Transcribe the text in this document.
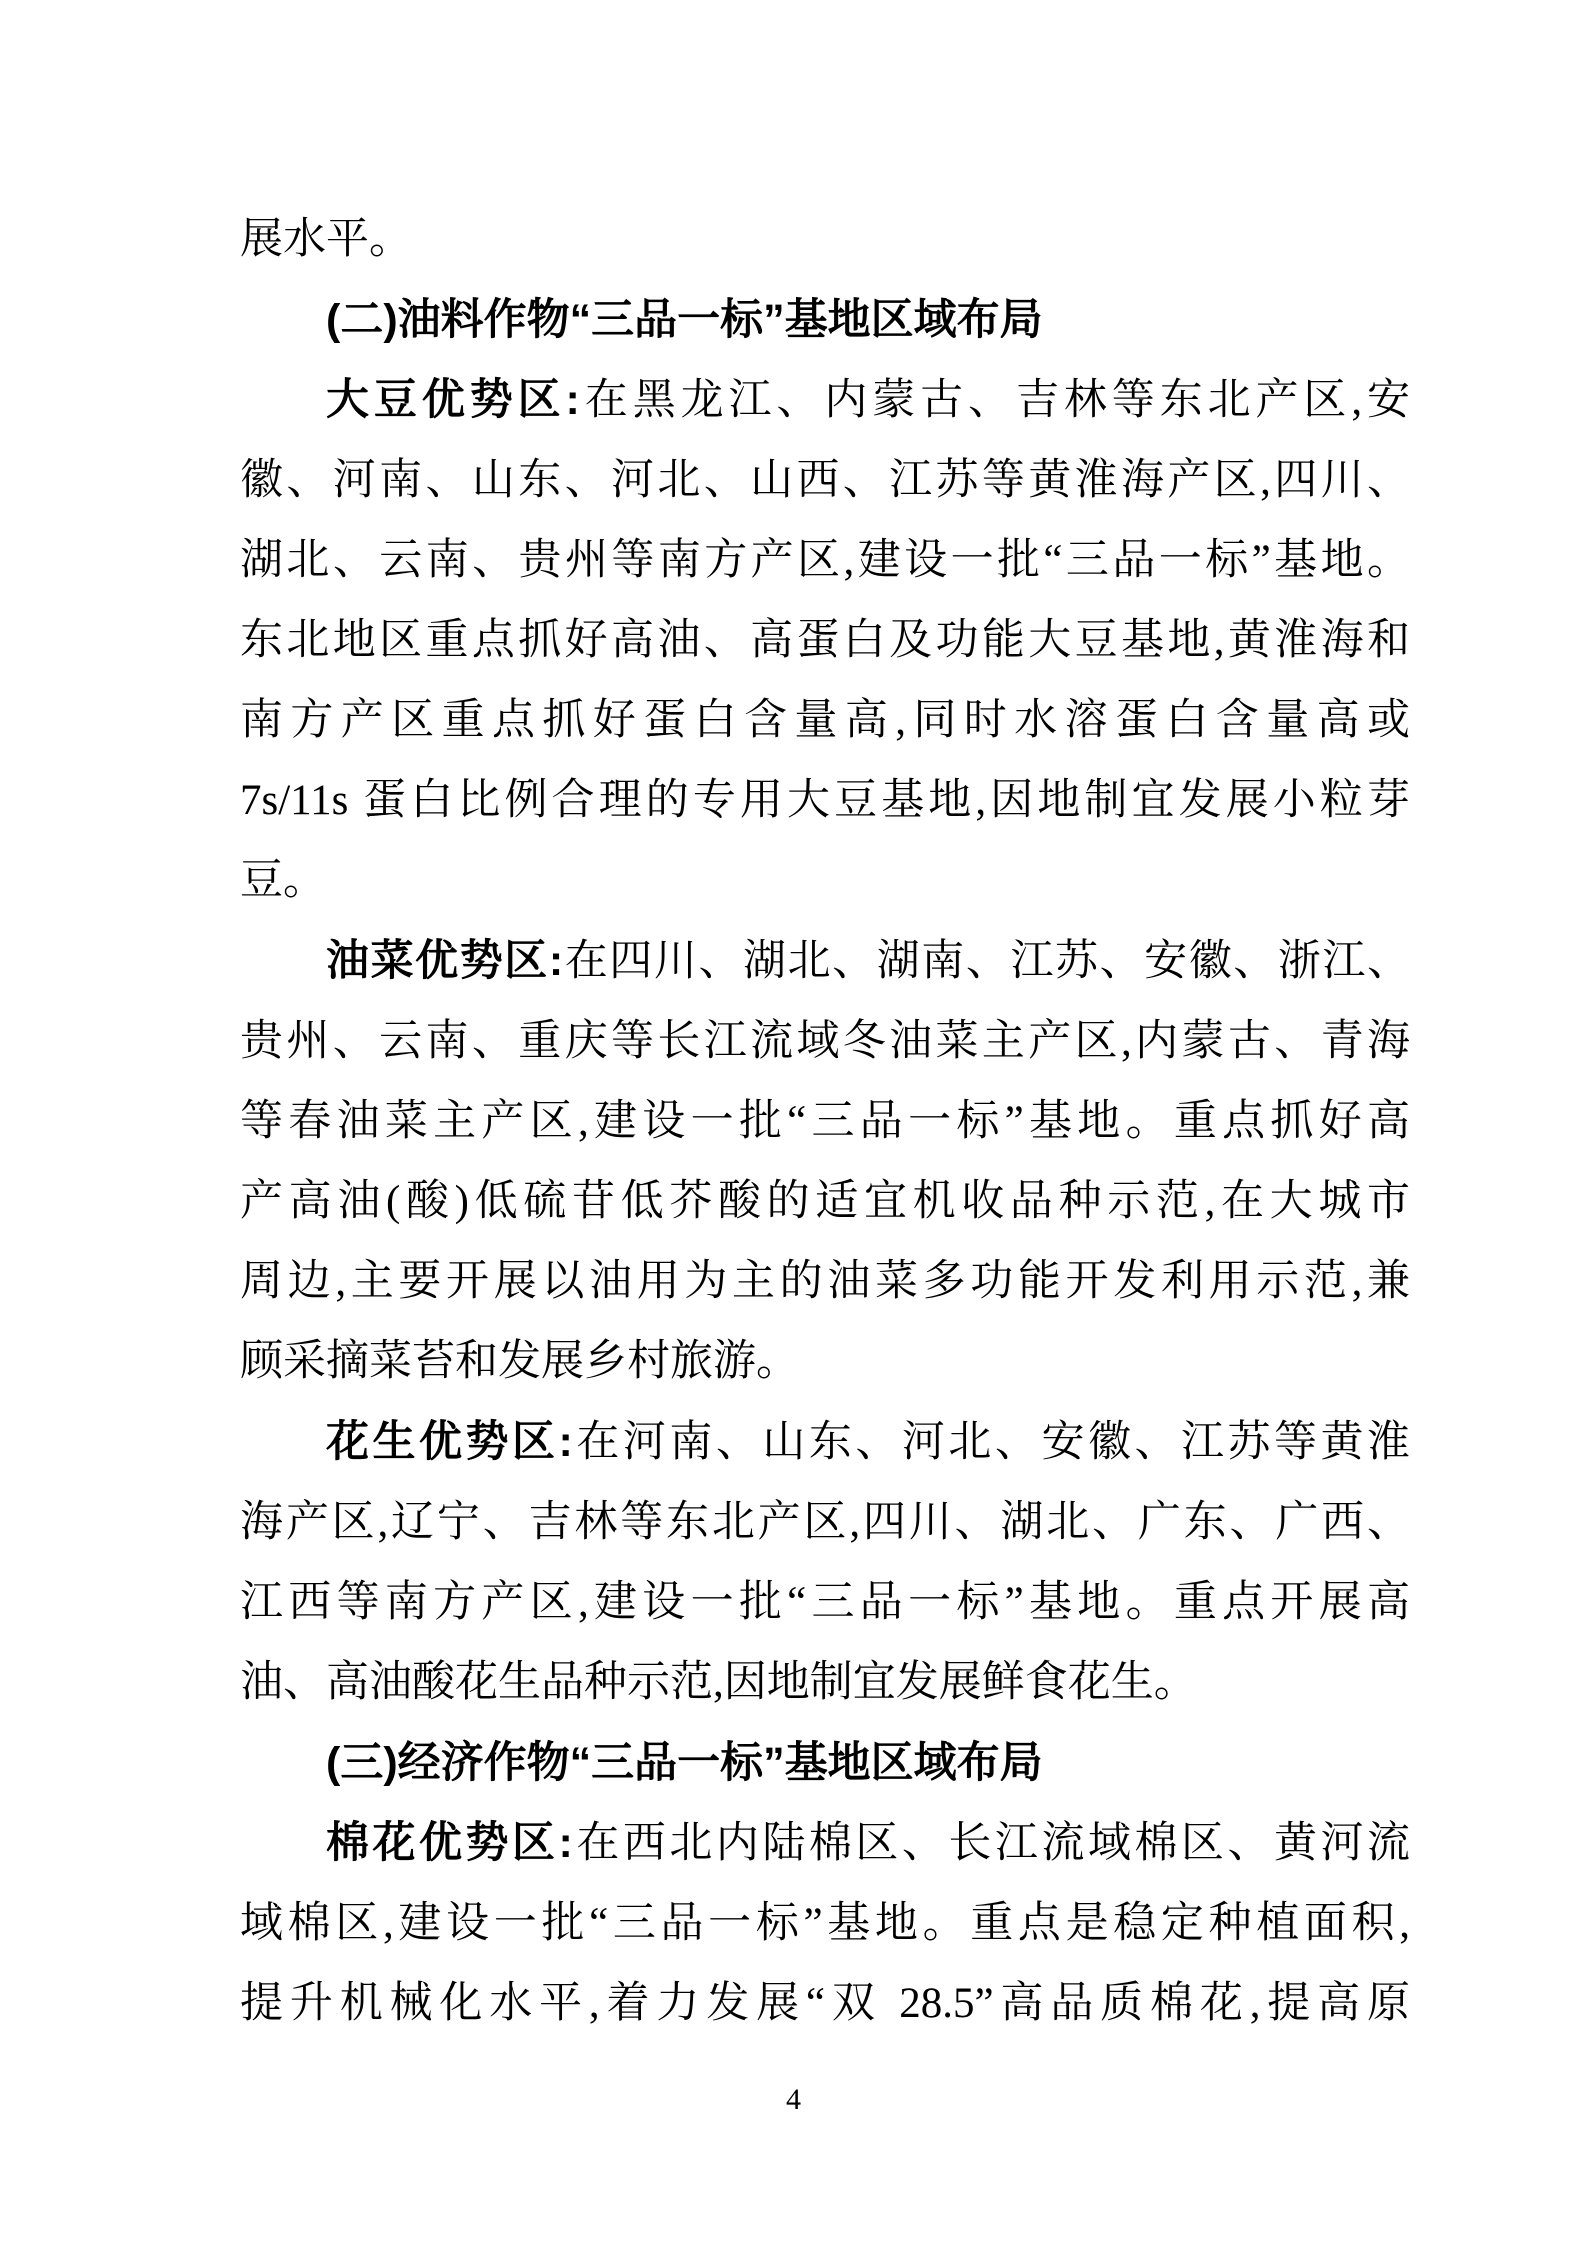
展水平。
(二)油料作物“三品一标”基地区域布局
大豆优势区:在黑龙江、内蒙古、吉林等东北产区,安
徽、河南、山东、河北、山西、江苏等黄淮海产区,四川、
湖北、云南、贵州等南方产区,建设一批“三品一标”基地。
东北地区重点抓好高油、高蛋白及功能大豆基地,黄淮海和
南方产区重点抓好蛋白含量高,同时水溶蛋白含量高或
7s/11s 蛋白比例合理的专用大豆基地,因地制宜发展小粒芽
豆。
油菜优势区:在四川、湖北、湖南、江苏、安徽、浙江、
贵州、云南、重庆等长江流域冬油菜主产区,内蒙古、青海
等春油菜主产区,建设一批“三品一标”基地。重点抓好高
产高油(酸)低硫苷低芥酸的适宜机收品种示范,在大城市
周边,主要开展以油用为主的油菜多功能开发利用示范,兼
顾采摘菜苔和发展乡村旅游。
花生优势区:在河南、山东、河北、安徽、江苏等黄淮
海产区,辽宁、吉林等东北产区,四川、湖北、广东、广西、
江西等南方产区,建设一批“三品一标”基地。重点开展高
油、高油酸花生品种示范,因地制宜发展鲜食花生。
(三)经济作物“三品一标”基地区域布局
棉花优势区:在西北内陆棉区、长江流域棉区、黄河流
域棉区,建设一批“三品一标”基地。重点是稳定种植面积,
提升机械化水平,着力发展“双 28.5”高品质棉花,提高原
4
